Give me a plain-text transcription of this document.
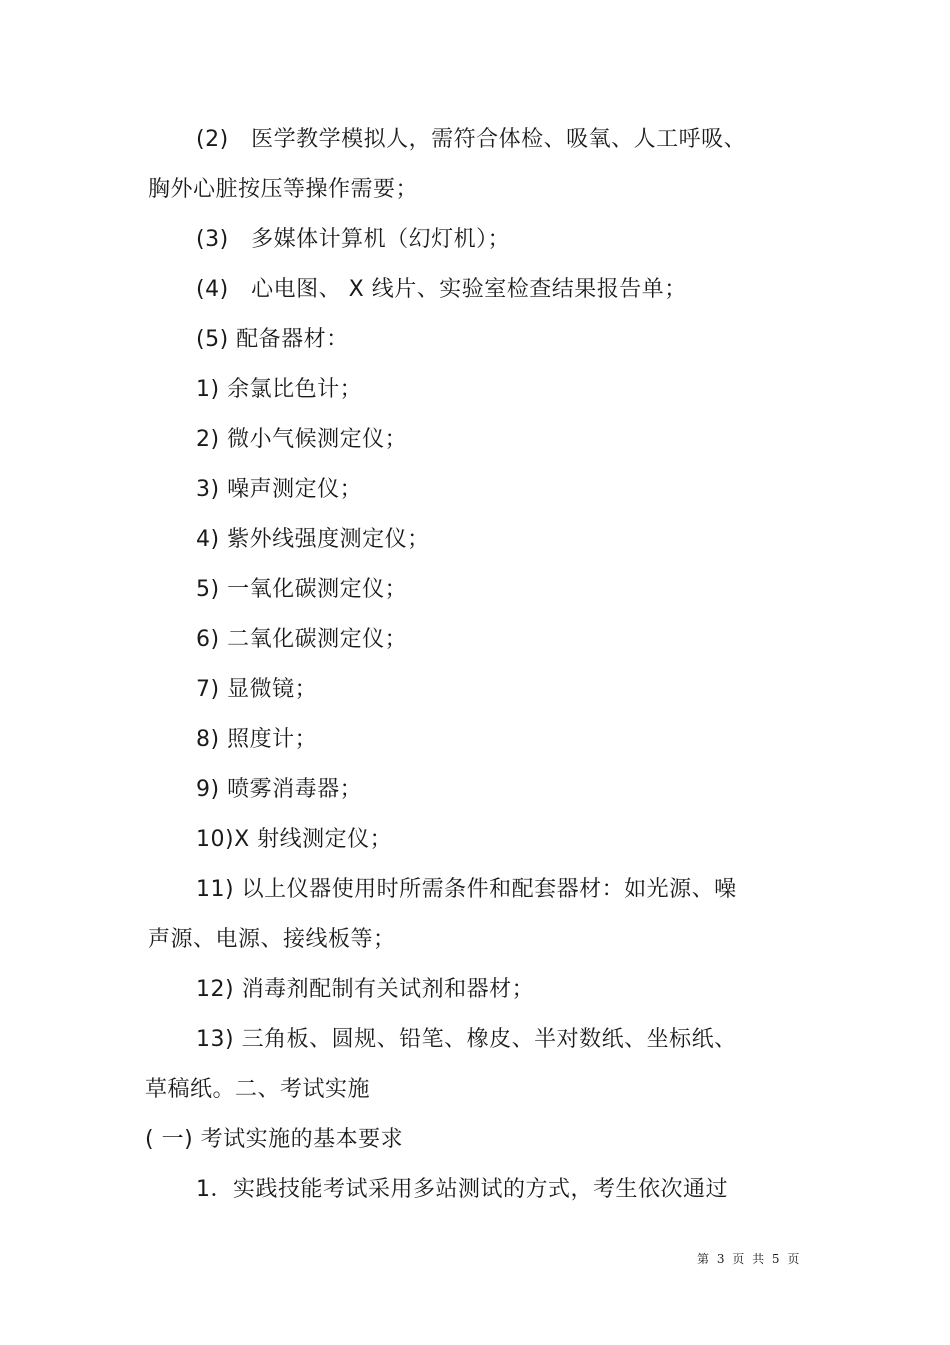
(2)　医学教学模拟人，需符合体检、吸氧、人工呼吸、
胸外心脏按压等操作需要；
(3)　多媒体计算机（幻灯机）；
(4)　心电图、 X 线片、实验室检查结果报告单；
(5) 配备器材：
1) 余氯比色计；
2) 微小气候测定仪；
3) 噪声测定仪；
4) 紫外线强度测定仪；
5) 一氧化碳测定仪；
6) 二氧化碳测定仪；
7) 显微镜；
8) 照度计；
9) 喷雾消毒器；
10)X 射线测定仪；
11) 以上仪器使用时所需条件和配套器材：如光源、噪
声源、电源、接线板等；
12) 消毒剂配制有关试剂和器材；
13) 三角板、圆规、铅笔、橡皮、半对数纸、坐标纸、
草稿纸。二、考试实施
( 一) 考试实施的基本要求
1．实践技能考试采用多站测试的方式，考生依次通过
第 3 页 共 5 页
